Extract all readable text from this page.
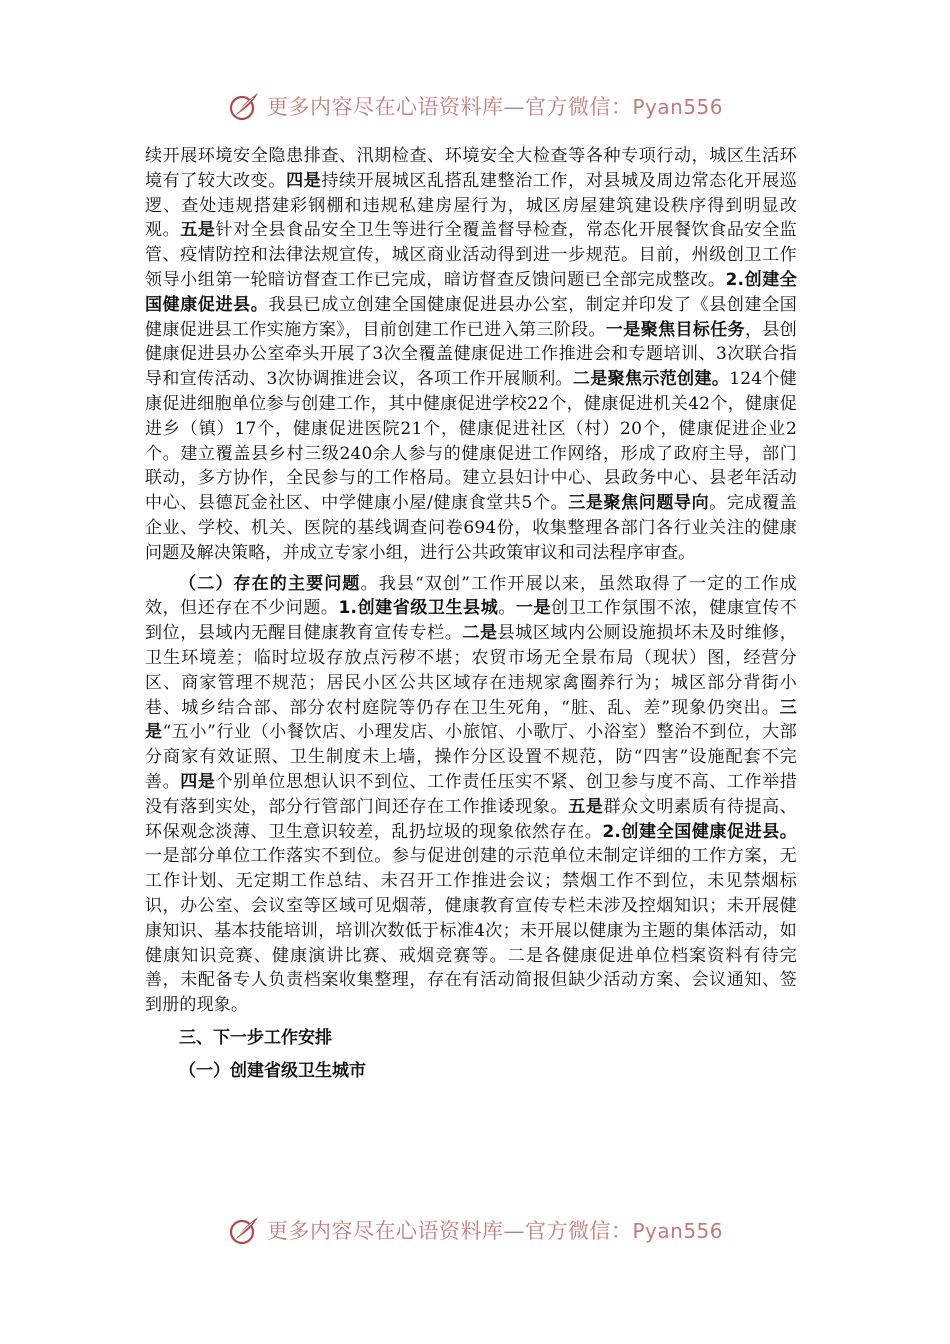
更多内容尽在心语资料库—官方微信：Pyan556

续开展环境安全隐患排查、汛期检查、环境安全大检查等各种专项行动，城区生活环境有了较大改变。四是持续开展城区乱搭乱建整治工作，对县城及周边常态化开展巡逻、查处违规搭建彩钢棚和违规私建房屋行为，城区房屋建筑建设秩序得到明显改观。五是针对全县食品安全卫生等进行全覆盖督导检查，常态化开展餐饮食品安全监管、疫情防控和法律法规宣传，城区商业活动得到进一步规范。目前，州级创卫工作领导小组第一轮暗访督查工作已完成，暗访督查反馈问题已全部完成整改。2.创建全国健康促进县。我县已成立创建全国健康促进县办公室，制定并印发了《县创建全国健康促进县工作实施方案》，目前创建工作已进入第三阶段。一是聚焦目标任务，县创健康促进县办公室牵头开展了3次全覆盖健康促进工作推进会和专题培训、3次联合指导和宣传活动、3次协调推进会议，各项工作开展顺利。二是聚焦示范创建。124个健康促进细胞单位参与创建工作，其中健康促进学校22个，健康促进机关42个，健康促进乡（镇）17个，健康促进医院21个，健康促进社区（村）20个，健康促进企业2个。建立覆盖县乡村三级240余人参与的健康促进工作网络，形成了政府主导，部门联动，多方协作，全民参与的工作格局。建立县妇计中心、县政务中心、县老年活动中心、县德瓦金社区、中学健康小屋/健康食堂共5个。三是聚焦问题导向。完成覆盖企业、学校、机关、医院的基线调查问卷694份，收集整理各部门各行业关注的健康问题及解决策略，并成立专家小组，进行公共政策审议和司法程序审查。

（二）存在的主要问题。我县“双创”工作开展以来，虽然取得了一定的工作成效，但还存在不少问题。1.创建省级卫生县城。一是创卫工作氛围不浓，健康宣传不到位，县域内无醒目健康教育宣传专栏。二是县城区域内公厕设施损坏未及时维修，卫生环境差；临时垃圾存放点污秽不堪；农贸市场无全景布局（现状）图，经营分区、商家管理不规范；居民小区公共区域存在违规家禽圈养行为；城区部分背街小巷、城乡结合部、部分农村庭院等仍存在卫生死角，“脏、乱、差”现象仍突出。三是“五小”行业（小餐饮店、小理发店、小旅馆、小歌厅、小浴室）整治不到位，大部分商家有效证照、卫生制度未上墙，操作分区设置不规范，防“四害”设施配套不完善。四是个别单位思想认识不到位、工作责任压实不紧、创卫参与度不高、工作举措没有落到实处，部分行管部门间还存在工作推诿现象。五是群众文明素质有待提高、环保观念淡薄、卫生意识较差，乱扔垃圾的现象依然存在。2.创建全国健康促进县。一是部分单位工作落实不到位。参与促进创建的示范单位未制定详细的工作方案，无工作计划、无定期工作总结、未召开工作推进会议；禁烟工作不到位，未见禁烟标识，办公室、会议室等区域可见烟蒂，健康教育宣传专栏未涉及控烟知识；未开展健康知识、基本技能培训，培训次数低于标准4次；未开展以健康为主题的集体活动，如健康知识竞赛、健康演讲比赛、戒烟竞赛等。二是各健康促进单位档案资料有待完善，未配备专人负责档案收集整理，存在有活动简报但缺少活动方案、会议通知、签到册的现象。

三、下一步工作安排
（一）创建省级卫生城市
更多内容尽在心语资料库—官方微信：Pyan556
